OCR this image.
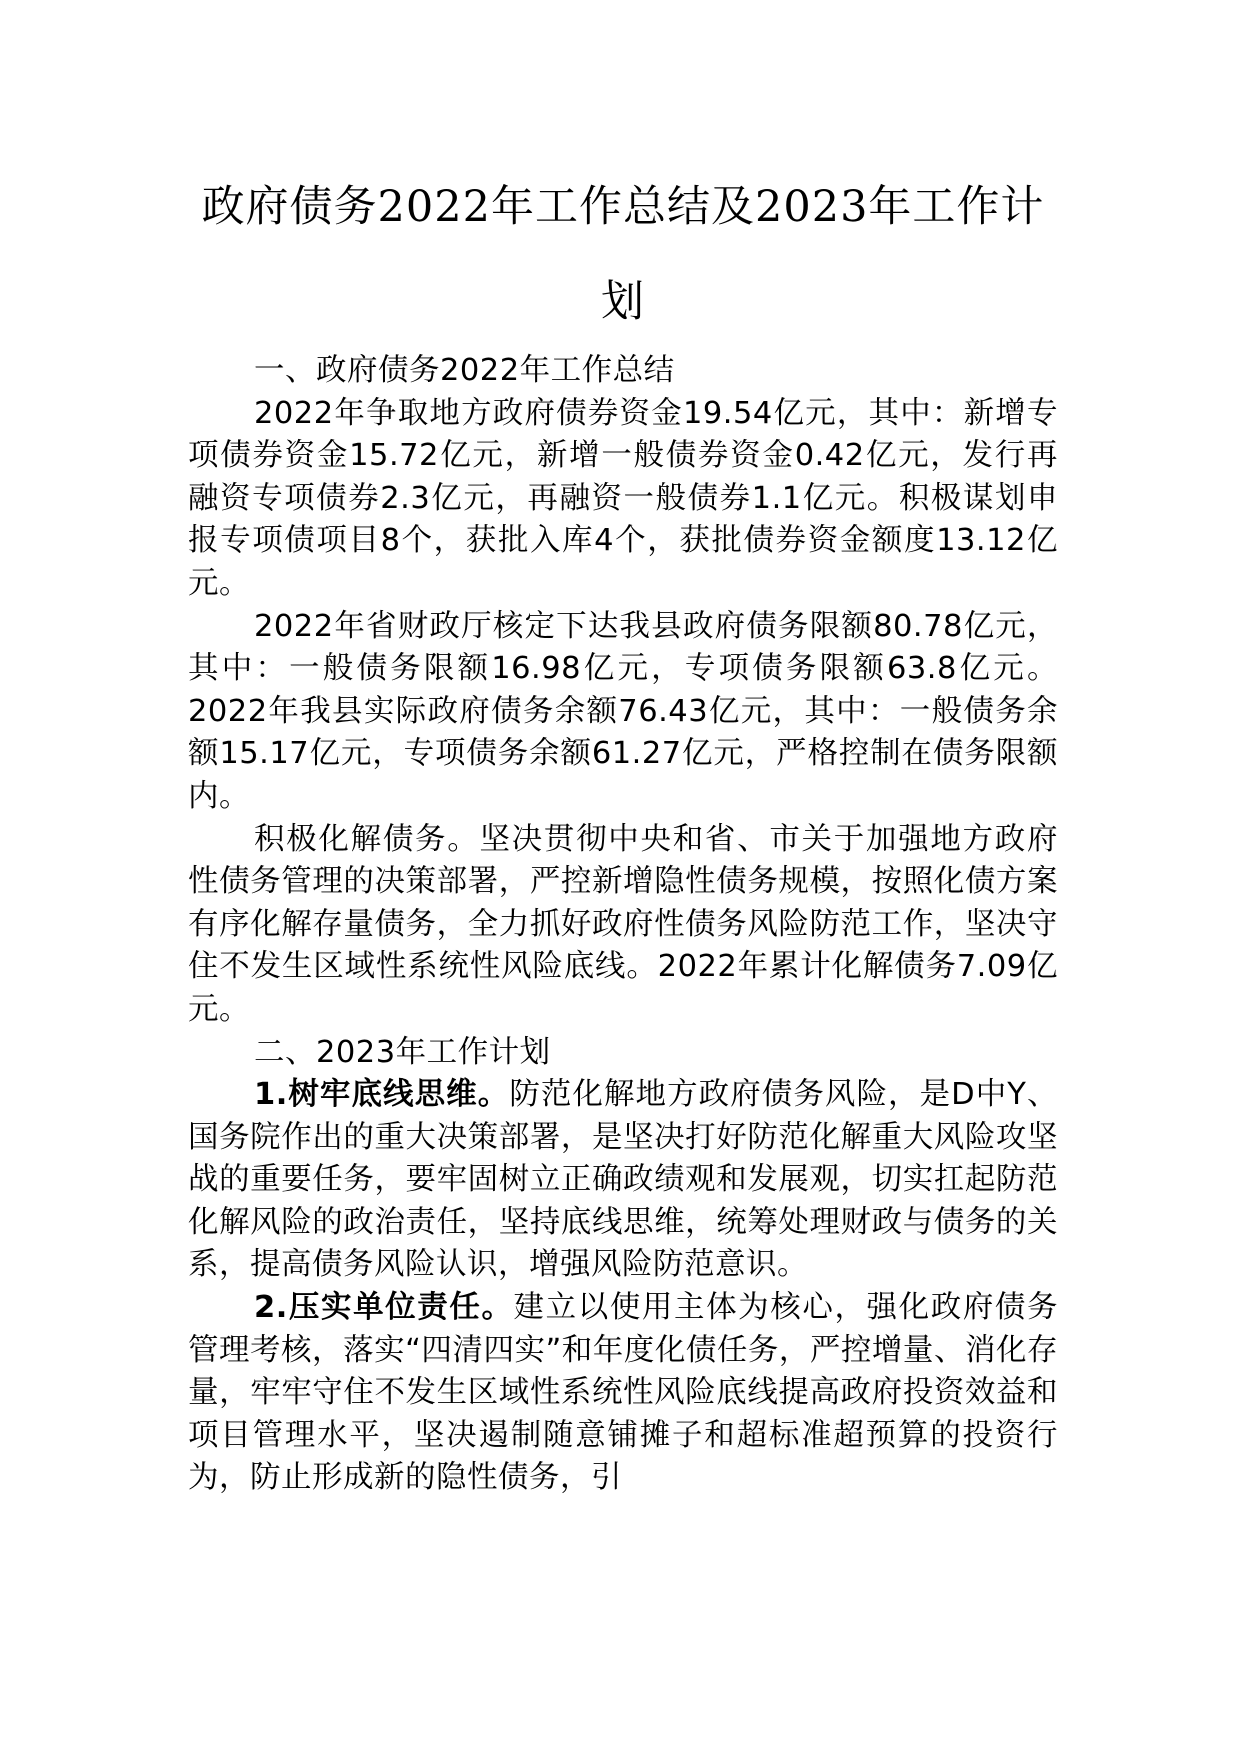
政府债务2022年工作总结及2023年工作计划
一、政府债务2022年工作总结

2022年争取地方政府债券资金19.54亿元，其中：新增专项债券资金15.72亿元，新增一般债券资金0.42亿元，发行再融资专项债券2.3亿元，再融资一般债券1.1亿元。积极谋划申报专项债项目8个，获批入库4个，获批债券资金额度13.12亿元。

2022年省财政厅核定下达我县政府债务限额80.78亿元，其中：一般债务限额16.98亿元，专项债务限额63.8亿元。2022年我县实际政府债务余额76.43亿元，其中：一般债务余额15.17亿元，专项债务余额61.27亿元，严格控制在债务限额内。

积极化解债务。坚决贯彻中央和省、市关于加强地方政府性债务管理的决策部署，严控新增隐性债务规模，按照化债方案有序化解存量债务，全力抓好政府性债务风险防范工作，坚决守住不发生区域性系统性风险底线。2022年累计化解债务7.09亿元。

二、2023年工作计划

1.树牢底线思维。防范化解地方政府债务风险，是D中Y、国务院作出的重大决策部署，是坚决打好防范化解重大风险攻坚战的重要任务，要牢固树立正确政绩观和发展观，切实扛起防范化解风险的政治责任，坚持底线思维，统筹处理财政与债务的关系，提高债务风险认识，增强风险防范意识。

2.压实单位责任。建立以使用主体为核心，强化政府债务管理考核，落实“四清四实”和年度化债任务，严控增量、消化存量，牢牢守住不发生区域性系统性风险底线提高政府投资效益和项目管理水平，坚决遏制随意铺摊子和超标准超预算的投资行为，防止形成新的隐性债务，引
